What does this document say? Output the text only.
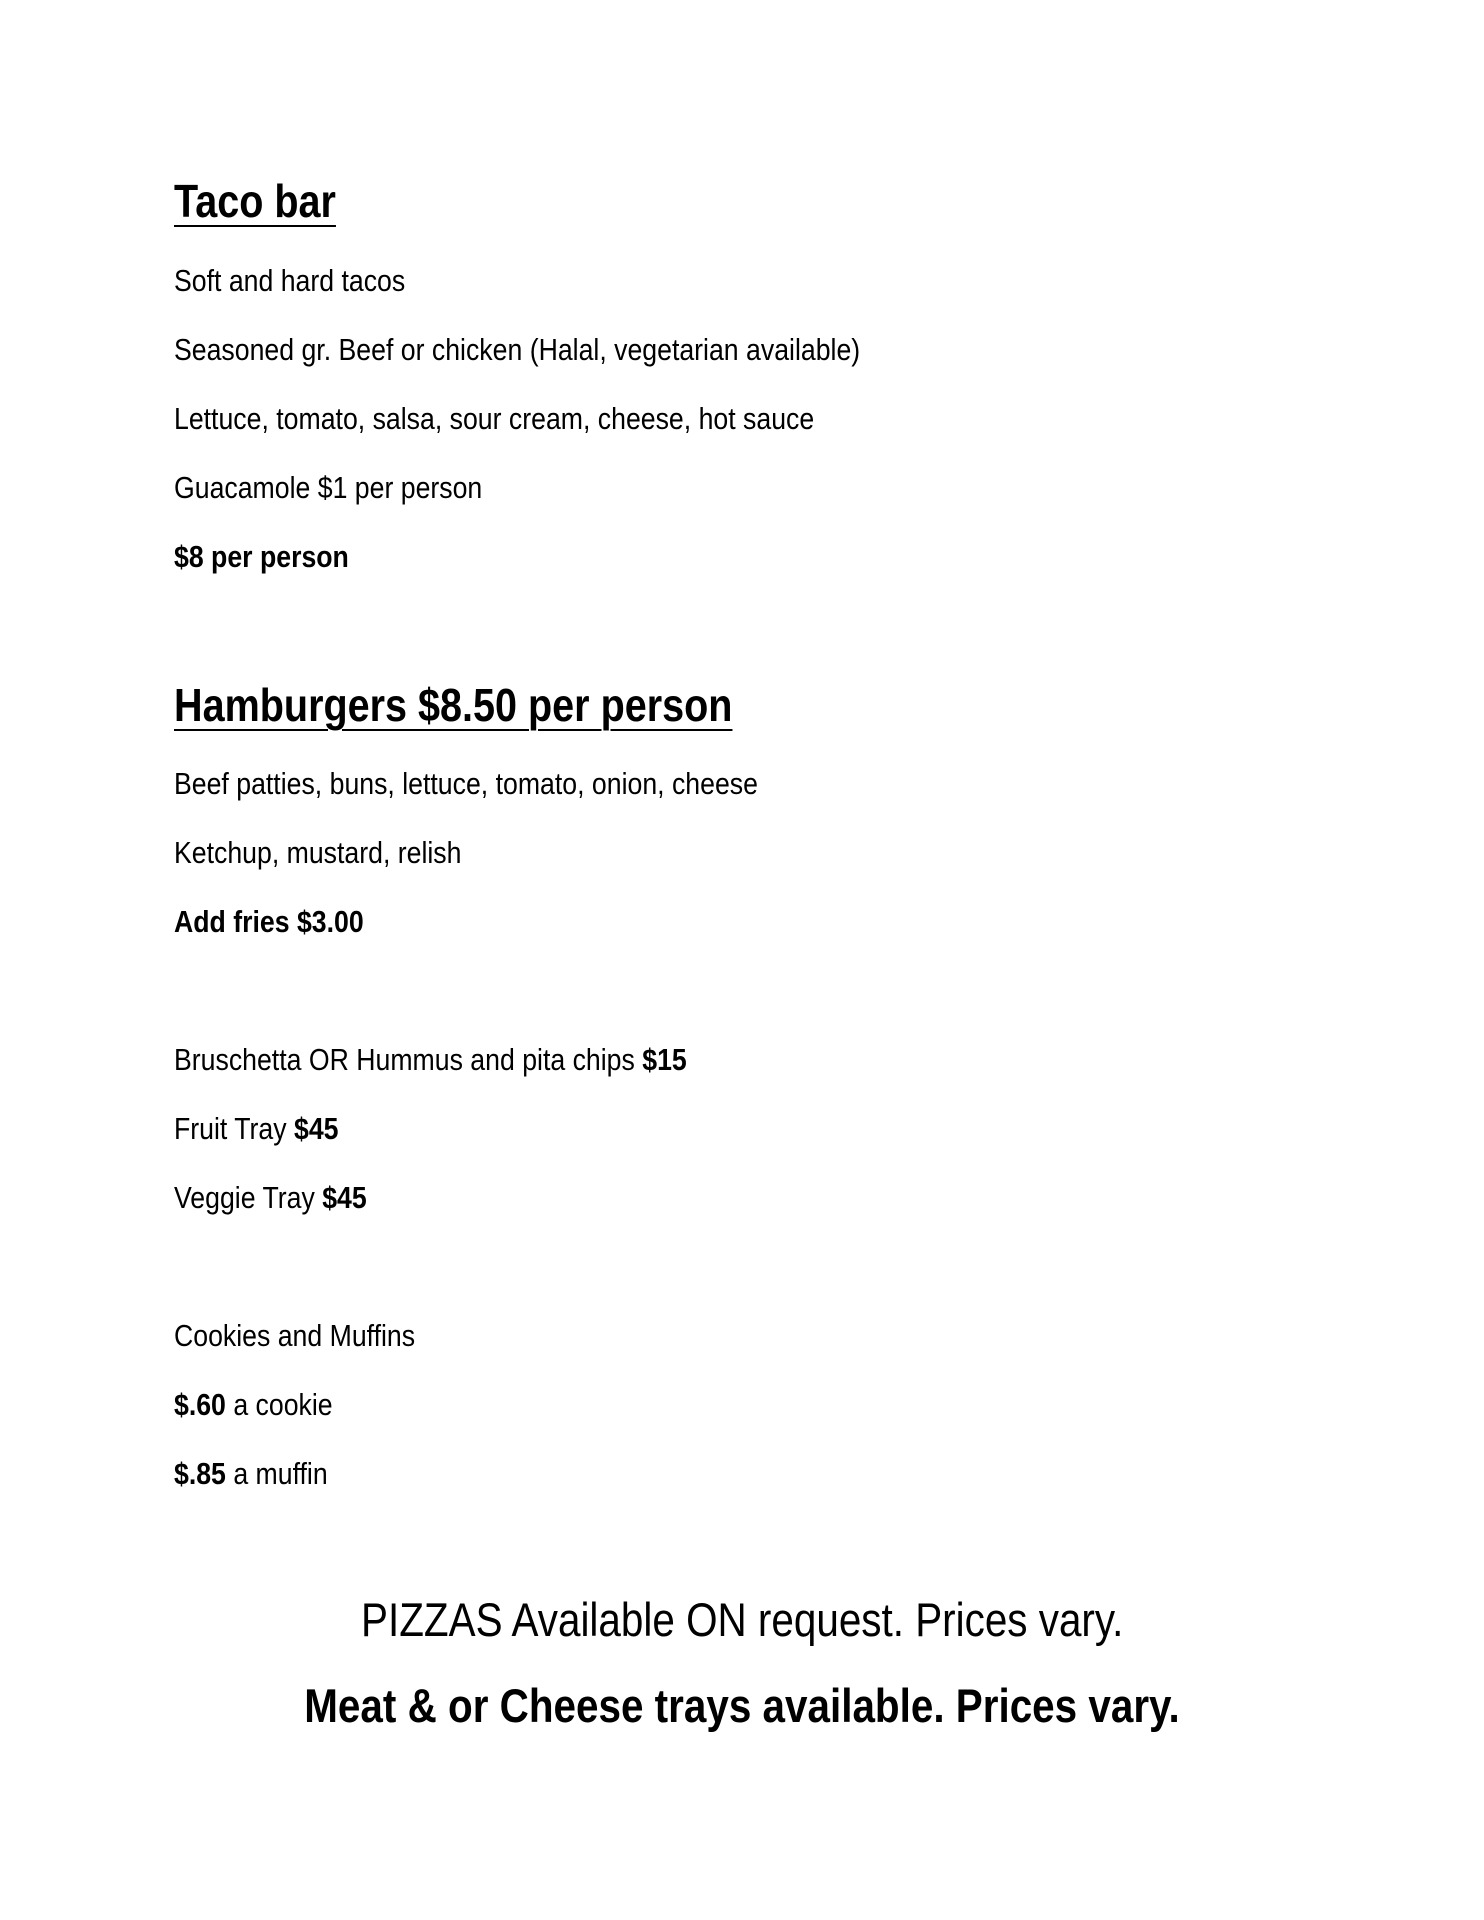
Taco bar

Soft and hard tacos

Seasoned gr. Beef or chicken (Halal, vegetarian available)

Lettuce, tomato, salsa, sour cream, cheese, hot sauce

Guacamole $1 per person

$8 per person

Hamburgers $8.50 per person

Beef patties, buns, lettuce, tomato, onion, cheese

Ketchup, mustard, relish

Add fries $3.00

Bruschetta OR Hummus and pita chips $15

Fruit Tray $45

Veggie Tray $45

Cookies and Muffins

$.60 a cookie

$.85 a muffin

PIZZAS Available ON request. Prices vary.

Meat & or Cheese trays available. Prices vary.
